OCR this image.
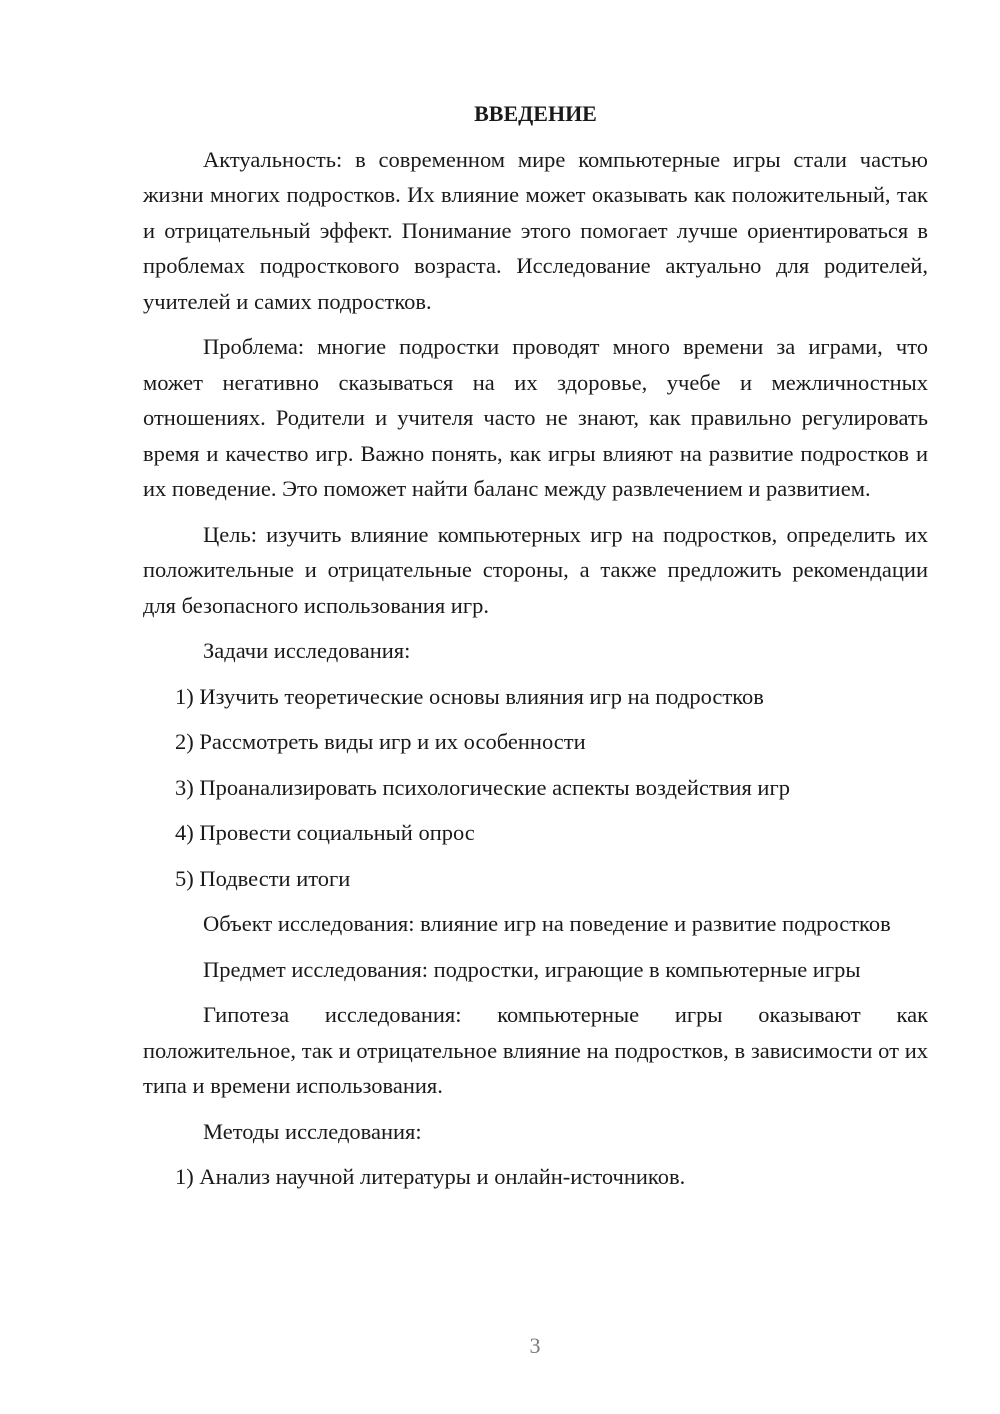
ВВЕДЕНИЕ

Актуальность: в современном мире компьютерные игры стали частью жизни многих подростков. Их влияние может оказывать как положительный, так и отрицательный эффект. Понимание этого помогает лучше ориентироваться в проблемах подросткового возраста. Исследование актуально для родителей, учителей и самих подростков.

Проблема: многие подростки проводят много времени за играми, что может негативно сказываться на их здоровье, учебе и межличностных отношениях. Родители и учителя часто не знают, как правильно регулировать время и качество игр. Важно понять, как игры влияют на развитие подростков и их поведение. Это поможет найти баланс между развлечением и развитием.

Цель: изучить влияние компьютерных игр на подростков, определить их положительные и отрицательные стороны, а также предложить рекомендации для безопасного использования игр.

Задачи исследования:
1) Изучить теоретические основы влияния игр на подростков
2) Рассмотреть виды игр и их особенности
3) Проанализировать психологические аспекты воздействия игр
4) Провести социальный опрос
5) Подвести итоги

Объект исследования: влияние игр на поведение и развитие подростков

Предмет исследования: подростки, играющие в компьютерные игры

Гипотеза исследования: компьютерные игры оказывают как положительное, так и отрицательное влияние на подростков, в зависимости от их типа и времени использования.

Методы исследования:
1) Анализ научной литературы и онлайн-источников.
3
